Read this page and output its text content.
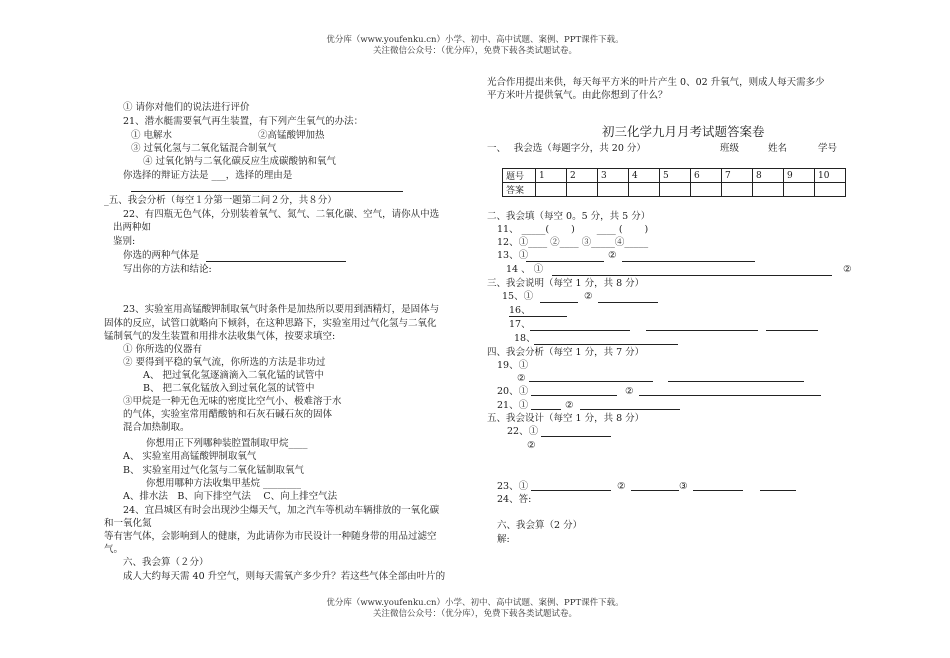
优分库（www.youfenku.cn）小学、初中、高中试题、案例、PPT课件下载。
关注微信公众号：（优分库），免费下载各类试题试卷。
优分库（www.youfenku.cn）小学、初中、高中试题、案例、PPT课件下载。
关注微信公众号：（优分库），免费下载各类试题试卷。
① 请你对他们的说法进行评价
21、潜水艇需要氧气再生装置，有下列产生氧气的办法：
① 电解水	②高锰酸钾加热
③ 过氧化氢与二氧化锰混合制氧气
④ 过氧化钠与二氧化碳反应生成碳酸钠和氧气
你选择的辩证方法是 ___，选择的理由是
_五、我会分析（每空１分第一题第二问２分，共８分）
22、有四瓶无色气体，分别装着氧气、氮气、二氧化碳、空气，请你从中选
出两种如
鉴别:
你选的两种气体是
写出你的方法和结论:
23、实验室用高锰酸钾制取氧气时条件是加热所以要用到酒精灯，是固体与
固体的反应，试管口就略向下倾斜，在这种思路下，实验室用过气化氢与二氧化
锰制氧气的发生装置和用排水法收集气体，按要求填空:
① 你所选的仪器有
② 要得到平稳的氧气流，你所选的方法是非功过
A、 把过氧化氢逐滴滴入二氧化锰的试管中
B、 把二氧化锰放入到过氧化氢的试管中
③甲烷是一种无色无味的密度比空气小、极难溶于水
的气体，实验室常用醋酸钠和石灰石碱石灰的固体
混合加热制取。
你想用正下列哪种装腔置制取甲烷____
A、 实验室用高锰酸钾制取氧气
B、 实验室用过气化氢与二氧化锰制取氧气
你想用哪种方法收集甲基烷 ________
A、排水法　B、向下排空气法　 C、向上排空气法
24、宜昌城区有时会出现沙尘爆天气，加之汽车等机动车辆排放的一氧化碳
和一氧化氮
等有害气体，会影响到人的健康，为此请你为市民设计一种随身带的用品过滤空
气。
六、我会算（２分）
成人大约每天需 40 升空气，则每天需氧产多少升？若这些气体全部由叶片的
光合作用提出来供，每天每平方米的叶片产生 0、02 升氧气，则成人每天需多少
平方米叶片提供氧气。由此你想到了什么？
初三化学九月月考试题答案卷
一、　 我会选（每题字分，共 20 分）	班级	姓名	学号
题号	1	2	3	4	5	6	7	8	9	10
答案										
二、我会填（每空 0。5 分，共 5 分）
11、 _____(　　 )　　 ____ (　　 )
12、①____ ②____ ③_____④_____
13、①	②
14 、 ①	②
三、我会说明（每空 1 分，共 8 分）
15、①	②
16、
17、
18、
四、我会分析（每空 1 分，共 7 分）
19、①
②
20、①	②
21、①	②
五、我会设计（每空 1 分，共 8 分）
22、①
②
23、①	②	③
24、答:
六、我会算（2 分）
解:
